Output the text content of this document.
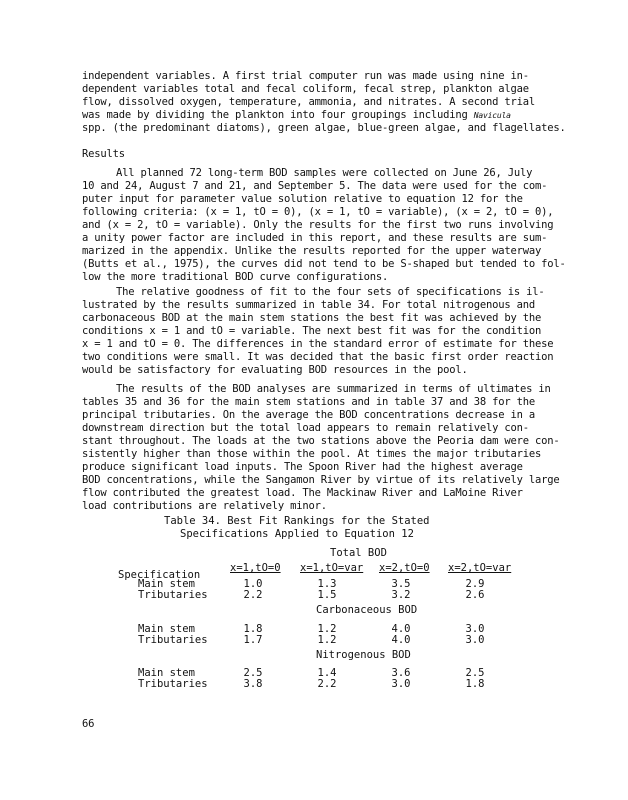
independent variables. A first trial computer run was made using nine in-
dependent variables total and fecal coliform, fecal strep, plankton algae
flow, dissolved oxygen, temperature, ammonia, and nitrates. A second trial
was made by dividing the plankton into four groupings including Navicula
spp. (the predominant diatoms), green algae, blue-green algae, and flagellates.
Results
All planned 72 long-term BOD samples were collected on June 26, July
10 and 24, August 7 and 21, and September 5. The data were used for the com-
puter input for parameter value solution relative to equation 12 for the
following criteria: (x = 1, tO = 0), (x = 1, tO = variable), (x = 2, tO = 0),
and (x = 2, tO = variable). Only the results for the first two runs involving
a unity power factor are included in this report, and these results are sum-
marized in the appendix. Unlike the results reported for the upper waterway
(Butts et al., 1975), the curves did not tend to be S-shaped but tended to fol-
low the more traditional BOD curve configurations.
The relative goodness of fit to the four sets of specifications is il-
lustrated by the results summarized in table 34. For total nitrogenous and
carbonaceous BOD at the main stem stations the best fit was achieved by the
conditions x = 1 and tO = variable. The next best fit was for the condition
x = 1 and tO = 0. The differences in the standard error of estimate for these
two conditions were small. It was decided that the basic first order reaction
would be satisfactory for evaluating BOD resources in the pool.
The results of the BOD analyses are summarized in terms of ultimates in
tables 35 and 36 for the main stem stations and in table 37 and 38 for the
principal tributaries. On the average the BOD concentrations decrease in a
downstream direction but the total load appears to remain relatively con-
stant throughout. The loads at the two stations above the Peoria dam were con-
sistently higher than those within the pool. At times the major tributaries
produce significant load inputs. The Spoon River had the highest average
BOD concentrations, while the Sangamon River by virtue of its relatively large
flow contributed the greatest load. The Mackinaw River and LaMoine River
load contributions are relatively minor.
Table 34. Best Fit Rankings for the Stated
Specifications Applied to Equation 12
Total BOD
x=1,tO=0 x=1,tO=var x=2,tO=0 x=2,tO=var
Specification
Main stem	1.0	1.3	3.5	2.9
Tributaries	2.2	1.5	3.2	2.6
Carbonaceous BOD
Main stem	1.8	1.2	4.0	3.0
Tributaries	1.7	1.2	4.0	3.0
Nitrogenous BOD
Main stem	2.5	1.4	3.6	2.5
Tributaries	3.8	2.2	3.0	1.8
66
